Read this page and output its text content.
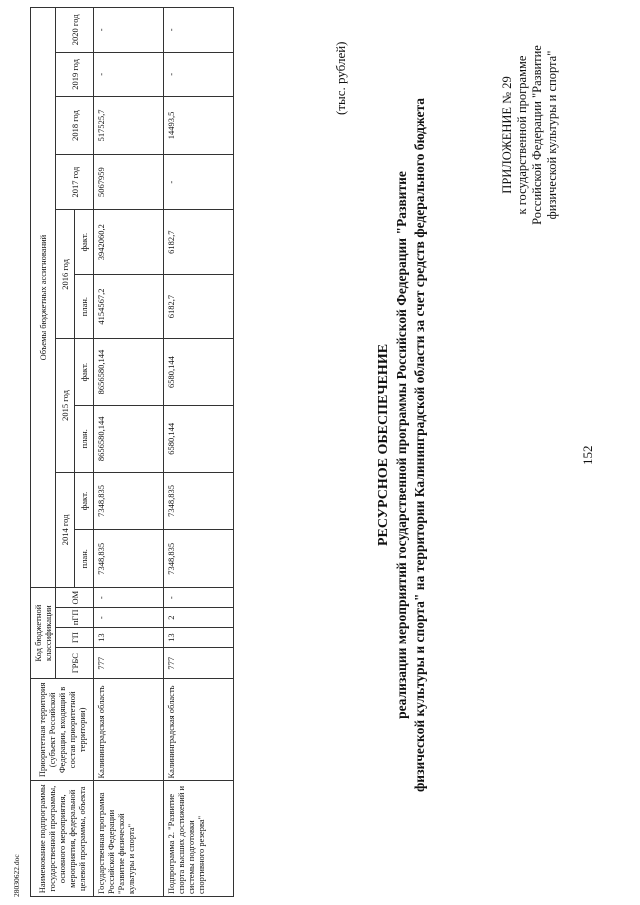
152
ПРИЛОЖЕНИЕ № 29 к государственной программе Российской Федерации "Развитие физической культуры и спорта"
РЕСУРСНОЕ ОБЕСПЕЧЕНИЕ реализации мероприятий государственной программы Российской Федерации "Развитие физической культуры и спорта" на территории Калининградской области за счет средств федерального бюджета
(тыс. рублей)
Наименование подпрограммы государственной программы, основного мероприятия, мероприятия, федеральной целевой программы, объекта	Приоритетная территория (субъект Российской Федерации, входящий в состав приоритетной территории)	Код бюджетной классификации				Объемы бюджетных ассигнований									
		ГРБС	ГП	пГП	ОМ	2014 год		2015 год		2016 год		2017 год	2018 год	2019 год	2020 год
						план.	факт.	план.	факт.	план.	факт.				
Государственная программа Российской Федерации "Развитие физической культуры и спорта"	Калининградская область	777	13	-	-	7348,835	7348,835	8656580,144	8656580,144	4154567,2	3942060,2	5067959	517525,7	-	-
Подпрограмма 2. "Развитие спорта высших достижений и системы подготовки спортивного резерва"	Калининградская область	777	13	2	-	7348,835	7348,835	6580,144	6580,144	6182,7	6182,7	-	14493,5	-	-
28030622.doc
